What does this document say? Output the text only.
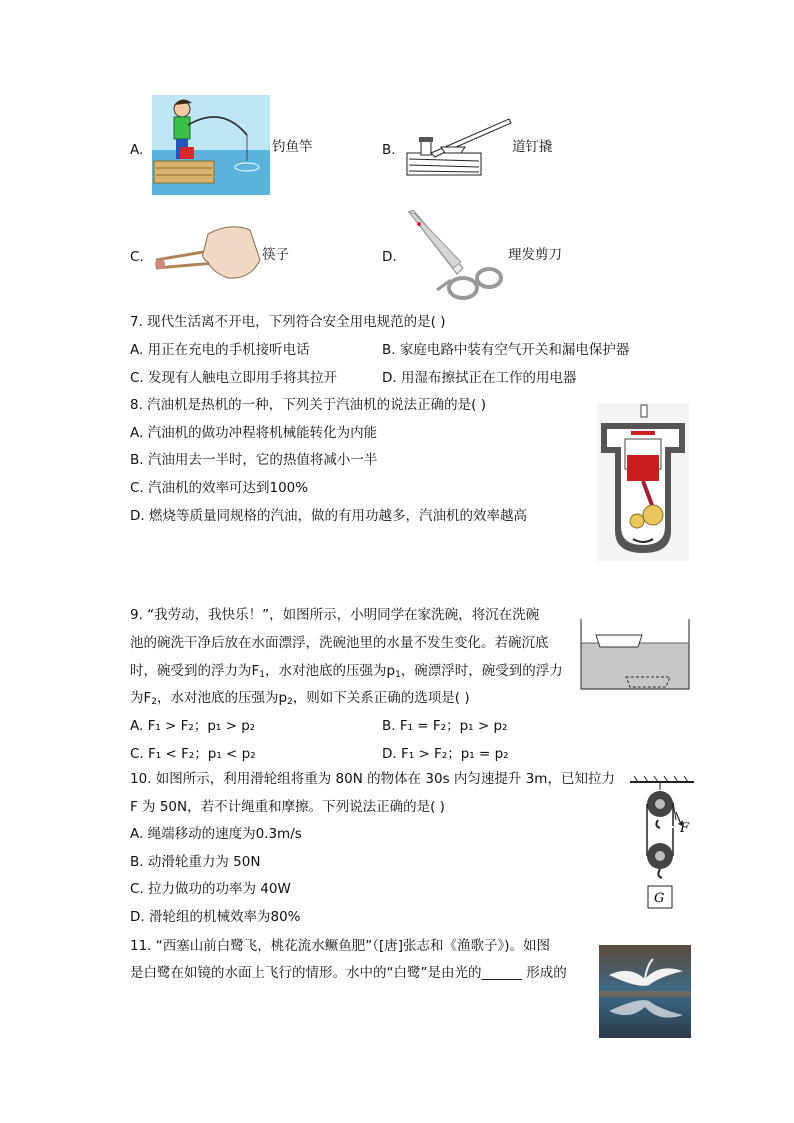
A.	钓鱼竿	B.	道钉撬
C.	筷子	D.	理发剪刀
7. 现代生活离不开电，下列符合安全用电规范的是( )
A. 用正在充电的手机接听电话	B. 家庭电路中装有空气开关和漏电保护器
C. 发现有人触电立即用手将其拉开	D. 用湿布擦拭正在工作的用电器
8. 汽油机是热机的一种，下列关于汽油机的说法正确的是( )
A. 汽油机的做功冲程将机械能转化为内能
B. 汽油用去一半时，它的热值将减小一半
C. 汽油机的效率可达到100%
D. 燃烧等质量同规格的汽油，做的有用功越多，汽油机的效率越高
9. “我劳动，我快乐！”，如图所示，小明同学在家洗碗，将沉在洗碗
池的碗洗干净后放在水面漂浮，洗碗池里的水量不发生变化。若碗沉底
时，碗受到的浮力为$F_1$，水对池底的压强为$p_1$，碗漂浮时，碗受到的浮力
为$F_2$，水对池底的压强为$p_2$，则如下关系正确的选项是( )
A. F₁ > F₂；p₁ > p₂	B. F₁ = F₂；p₁ > p₂
C. F₁ < F₂；p₁ < p₂	D. F₁ > F₂；p₁ = p₂
10. 如图所示，利用滑轮组将重为 80N 的物体在 30s 内匀速提升 3m，已知拉力
F 为 50N，若不计绳重和摩擦。下列说法正确的是( )
A. 绳端移动的速度为0.3m/s
B. 动滑轮重力为 50N
C. 拉力做功的功率为 40W
D. 滑轮组的机械效率为80%
F
G
11. “西塞山前白鹭飞，桃花流水鳜鱼肥”（[唐]张志和《渔歌子》)。如图
是白鹭在如镜的水面上飞行的情形。水中的“白鹭”是由光的______ 形成的
